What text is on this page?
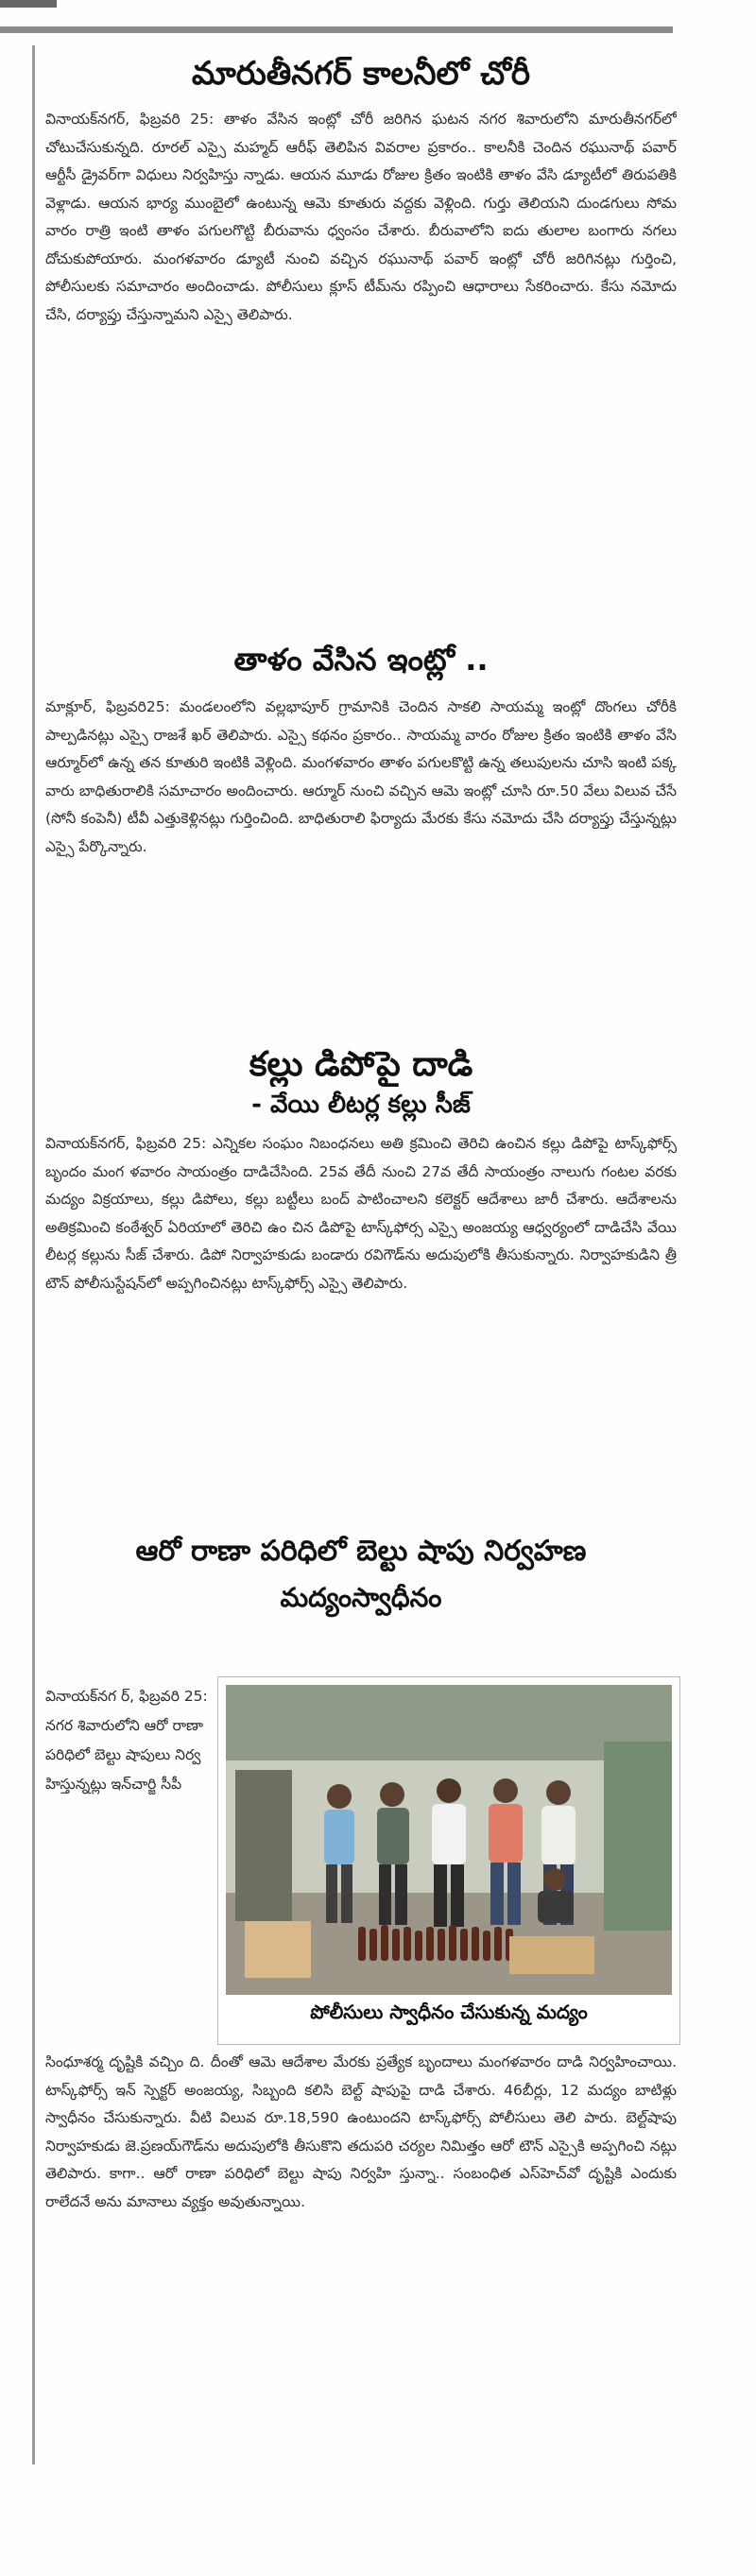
మారుతీనగర్ కాలనీలో చోరీ

వినాయక్‌నగర్, ఫిబ్రవరి 25: తాళం వేసిన ఇంట్లో చోరీ జరిగిన ఘటన నగర శివారులోని మారుతీనగర్‌లో చోటుచేసుకున్నది. రూరల్ ఎస్సై మహ్మద్ ఆరీఫ్ తెలిపిన వివరాల ప్రకారం.. కాలనీకి చెందిన రఘునాథ్ పవార్ ఆర్టీసీ డ్రైవర్‌గా విధులు నిర్వహిస్తు న్నాడు. ఆయన మూడు రోజుల క్రితం ఇంటికి తాళం వేసి డ్యూటీలో తిరుపతికి వెళ్లాడు. ఆయన భార్య ముంబైలో ఉంటున్న ఆమె కూతురు వద్దకు వెళ్లింది. గుర్తు తెలియని దుండగులు సోమ వారం రాత్రి ఇంటి తాళం పగులగొట్టి బీరువాను ధ్వంసం చేశారు. బీరువాలోని ఐదు తులాల బంగారు నగలు దోచుకుపోయారు. మంగళవారం డ్యూటీ నుంచి వచ్చిన రఘునాథ్ పవార్ ఇంట్లో చోరీ జరిగినట్లు గుర్తించి, పోలీసులకు సమాచారం అందించాడు. పోలీసులు క్లూస్ టీమ్‌ను రప్పించి ఆధారాలు సేకరించారు. కేసు నమోదు చేసి, దర్యాప్తు చేస్తున్నామని ఎస్సై తెలిపారు.

తాళం వేసిన ఇంట్లో ..

మాక్లూర్, ఫిబ్రవరి25: మండలంలోని వల్లభాపూర్ గ్రామానికి చెందిన సాకలి సాయమ్మ ఇంట్లో దొంగలు చోరీకి పాల్పడినట్లు ఎస్సై రాజశే ఖర్ తెలిపారు. ఎస్సై కథనం ప్రకారం.. సాయమ్మ వారం రోజుల క్రితం ఇంటికి తాళం వేసి ఆర్మూర్‌లో ఉన్న తన కూతురి ఇంటికి వెళ్లింది. మంగళవారం తాళం పగులకొట్టి ఉన్న తలుపులను చూసి ఇంటి పక్క వారు బాధితురాలికి సమాచారం అందించారు. ఆర్మూర్ నుంచి వచ్చిన ఆమె ఇంట్లో చూసి రూ.50 వేలు విలువ చేసే (సోనీ కంపెనీ) టీవీ ఎత్తుకెళ్లినట్లు గుర్తించింది. బాధితురాలి ఫిర్యాదు మేరకు కేసు నమోదు చేసి దర్యాప్తు చేస్తున్నట్లు ఎస్సై పేర్కొన్నారు.

కల్లు డిపోపై దాడి
- వేయి లీటర్ల కల్లు సీజ్

వినాయక్‌నగర్, ఫిబ్రవరి 25: ఎన్నికల సంఘం నిబంధనలు అతి క్రమించి తెరిచి ఉంచిన కల్లు డిపోపై టాస్క్‌ఫోర్స్ బృందం మంగ ళవారం సాయంత్రం దాడిచేసింది. 25వ తేదీ నుంచి 27వ తేదీ సాయంత్రం నాలుగు గంటల వరకు మద్యం విక్రయాలు, కల్లు డిపోలు, కల్లు బట్టీలు బంద్ పాటించాలని కలెక్టర్ ఆదేశాలు జారీ చేశారు. ఆదేశాలను అతిక్రమించి కంఠేశ్వర్ ఏరియాలో తెరిచి ఉం చిన డిపోపై టాస్క్‌ఫోర్స ఎస్సై అంజయ్య ఆధ్వర్యంలో దాడిచేసి వేయి లీటర్ల కల్లును సీజ్ చేశారు. డిపో నిర్వాహకుడు బండారు రవిగౌడ్‌ను అదుపులోకి తీసుకున్నారు. నిర్వాహకుడిని త్రీ టౌన్ పోలీసుస్టేషన్‌లో అప్పగించినట్లు టాస్క్‌ఫోర్స్ ఎస్సై తెలిపారు.

ఆరో రాణా పరిధిలో బెల్టు షాపు నిర్వహణ
మద్యంస్వాధీనం

వినాయక్‌నగ ర్, ఫిబ్రవరి 25: నగర శివారులోని ఆరో రాణా పరిధిలో బెల్టు షాపులు నిర్వ హిస్తున్నట్లు ఇన్‌చార్జి సీపీ

పోలీసులు స్వాధీనం చేసుకున్న మద్యం

సింధూశర్మ దృష్టికి వచ్చిం ది. దీంతో ఆమె ఆదేశాల మేరకు ప్రత్యేక బృందాలు మంగళవారం దాడి నిర్వహించాయి. టాస్క్‌ఫోర్స్ ఇన్ స్పెక్టర్ అంజయ్య, సిబ్బంది కలిసి బెల్ట్ షాపుపై దాడి చేశారు. 46బీర్లు, 12 మద్యం బాటిళ్లు స్వాధీనం చేసుకున్నారు. వీటి విలువ రూ.18,590 ఉంటుందని టాస్క్‌ఫోర్స్ పోలీసులు తెలి పారు. బెల్ట్‌షాపు నిర్వాహకుడు జె.ప్రణయ్‌గౌడ్‌ను అదుపులోకి తీసుకొని తదుపరి చర్యల నిమిత్తం ఆరో టౌన్ ఎస్సైకి అప్పగించి నట్లు తెలిపారు. కాగా.. ఆరో రాణా పరిధిలో బెల్టు షాపు నిర్వహి స్తున్నా.. సంబంధిత ఎస్‌హెచ్‌వో దృష్టికి ఎందుకు రాలేదనే అను మానాలు వ్యక్తం అవుతున్నాయి.
